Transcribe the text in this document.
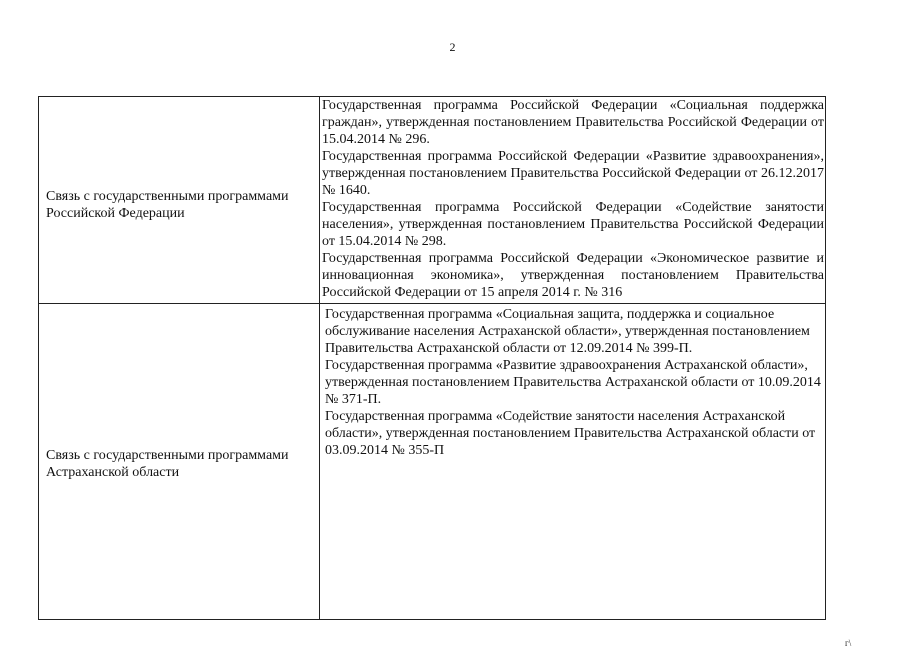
2
Связь с государственными программами Российской Федерации

Государственная программа Российской Федерации «Социальная поддержка граждан», утвержденная постановлением Правительства Российской Федерации от 15.04.2014 № 296.

Государственная программа Российской Федерации «Развитие здравоохранения», утвержденная постановлением Правительства Российской Федерации от 26.12.2017 № 1640.

Государственная программа Российской Федерации «Содействие занятости населения», утвержденная постановлением Правительства Российской Федерации от 15.04.2014 № 298.

Государственная программа Российской Федерации «Экономическое развитие и инновационная экономика», утвержденная постановлением Правительства Российской Федерации от 15 апреля 2014 г. № 316

Связь с государственными программами Астраханской области

Государственная программа «Социальная защита, поддержка и социальное обслуживание населения Астраханской области», утвержденная постановлением Правительства Астраханской области от 12.09.2014 № 399-П.

Государственная программа «Развитие здравоохранения Астраханской области», утвержденная постановлением Правительства Астраханской области от 10.09.2014 № 371-П.

Государственная программа «Содействие занятости населения Астраханской области», утвержденная постановлением Правительства Астраханской области от 03.09.2014 № 355-П

г\
